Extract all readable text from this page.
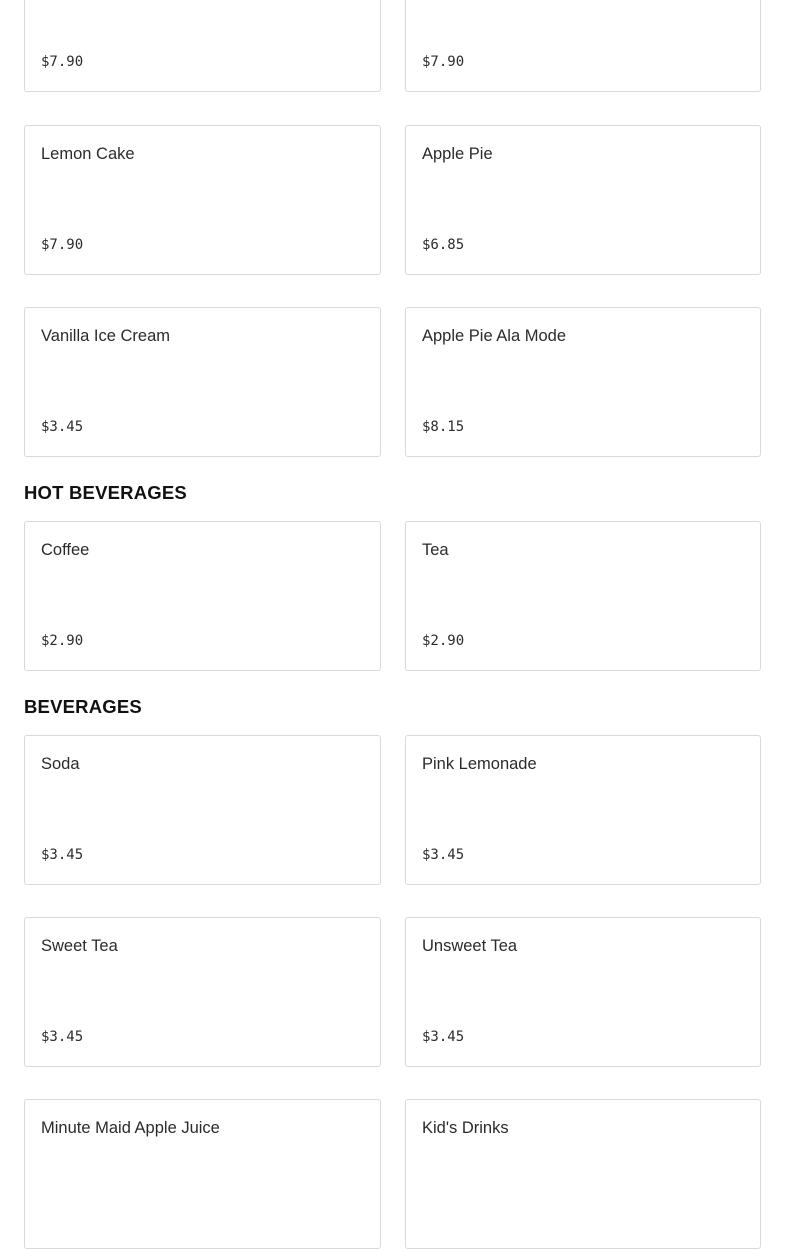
$7.90	$7.90
Lemon Cake
$7.90
Apple Pie
$6.85
Vanilla Ice Cream
$3.45
Apple Pie Ala Mode
$8.15
HOT BEVERAGES
Coffee
$2.90
Tea
$2.90
BEVERAGES
Soda
$3.45
Pink Lemonade
$3.45
Sweet Tea
$3.45
Unsweet Tea
$3.45
Minute Maid Apple Juice	Kid's Drinks
